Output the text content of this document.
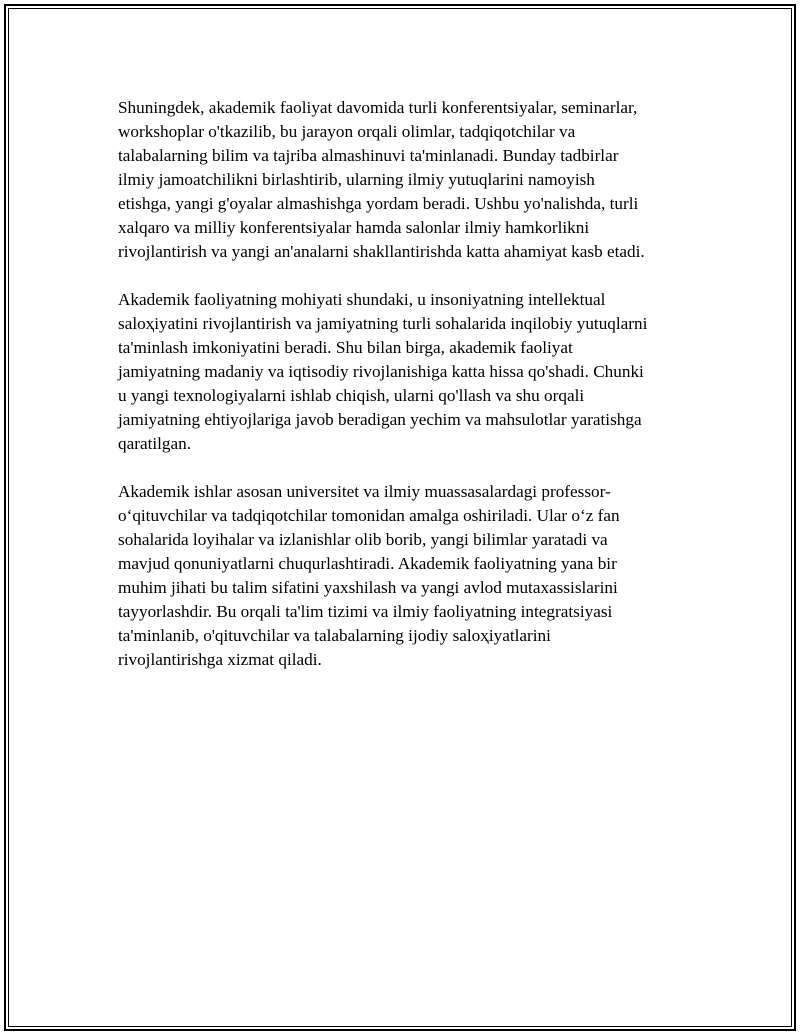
Shuningdek, akademik faoliyat davomida turli konferentsiyalar, seminarlar,
workshoplar o'tkazilib, bu jarayon orqali olimlar, tadqiqotchilar va
talabalarning bilim va tajriba almashinuvi ta'minlanadi. Bunday tadbirlar
ilmiy jamoatchilikni birlashtirib, ularning ilmiy yutuqlarini namoyish
etishga, yangi g'oyalar almashishga yordam beradi. Ushbu yo'nalishda, turli
xalqaro va milliy konferentsiyalar hamda salonlar ilmiy hamkorlikni
rivojlantirish va yangi an'analarni shakllantirishda katta ahamiyat kasb etadi.

Akademik faoliyatning mohiyati shundaki, u insoniyatning intellektual
saloҳiyatini rivojlantirish va jamiyatning turli sohalarida inqilobiy yutuqlarni
ta'minlash imkoniyatini beradi. Shu bilan birga, akademik faoliyat
jamiyatning madaniy va iqtisodiy rivojlanishiga katta hissa qo'shadi. Chunki
u yangi texnologiyalarni ishlab chiqish, ularni qo'llash va shu orqali
jamiyatning ehtiyojlariga javob beradigan yechim va mahsulotlar yaratishga
qaratilgan.

Akademik ishlar asosan universitet va ilmiy muassasalardagi professor-
o‘qituvchilar va tadqiqotchilar tomonidan amalga oshiriladi. Ular o‘z fan
sohalarida loyihalar va izlanishlar olib borib, yangi bilimlar yaratadi va
mavjud qonuniyatlarni chuqurlashtiradi. Akademik faoliyatning yana bir
muhim jihati bu talim sifatini yaxshilash va yangi avlod mutaxassislarini
tayyorlashdir. Bu orqali ta'lim tizimi va ilmiy faoliyatning integratsiyasi
ta'minlanib, o'qituvchilar va talabalarning ijodiy saloҳiyatlarini
rivojlantirishga xizmat qiladi.
